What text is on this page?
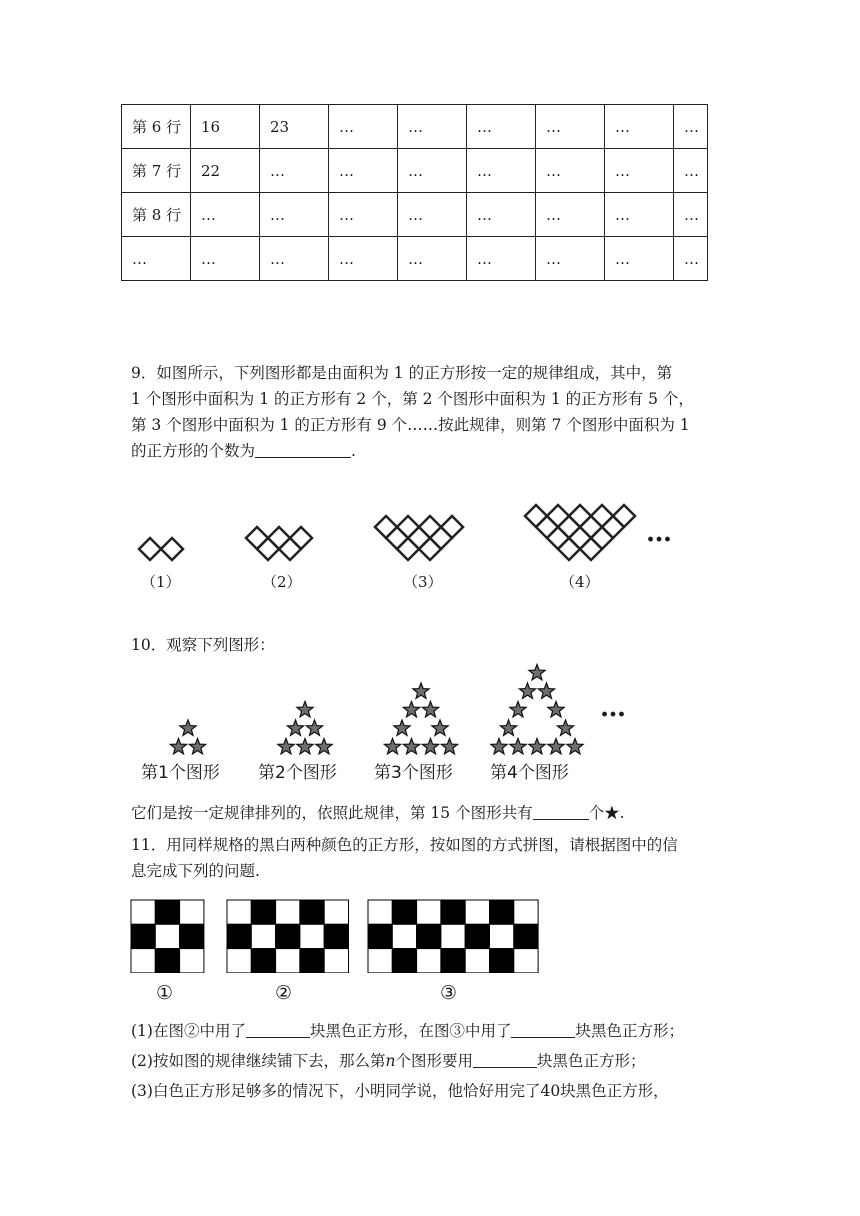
第 6 行	16	23	…	…	…	…	…	…
第 7 行	22	…	…	…	…	…	…	…
第 8 行	…	…	…	…	…	…	…	…
…	…	…	…	…	…	…	…	…
9．如图所示，下列图形都是由面积为 1 的正方形按一定的规律组成，其中，第
1 个图形中面积为 1 的正方形有 2 个，第 2 个图形中面积为 1 的正方形有 5 个，
第 3 个图形中面积为 1 的正方形有 9 个……按此规律，则第 7 个图形中面积为 1
的正方形的个数为	.
…
（1）	（2）	（3）	（4）
10．观察下列图形：
…
第1个图形 第2个图形 第3个图形 第4个图形
它们是按一定规律排列的，依照此规律，第 15 个图形共有	个★.
11．用同样规格的黑白两种颜色的正方形，按如图的方式拼图，请根据图中的信
息完成下列的问题.
①	②	③
(1)在图②中用了	块黑色正方形，在图③中用了	块黑色正方形；
(2)按如图的规律继续铺下去，那么第n个图形要用	块黑色正方形；
(3)白色正方形足够多的情况下，小明同学说，他恰好用完了40块黑色正方形，
